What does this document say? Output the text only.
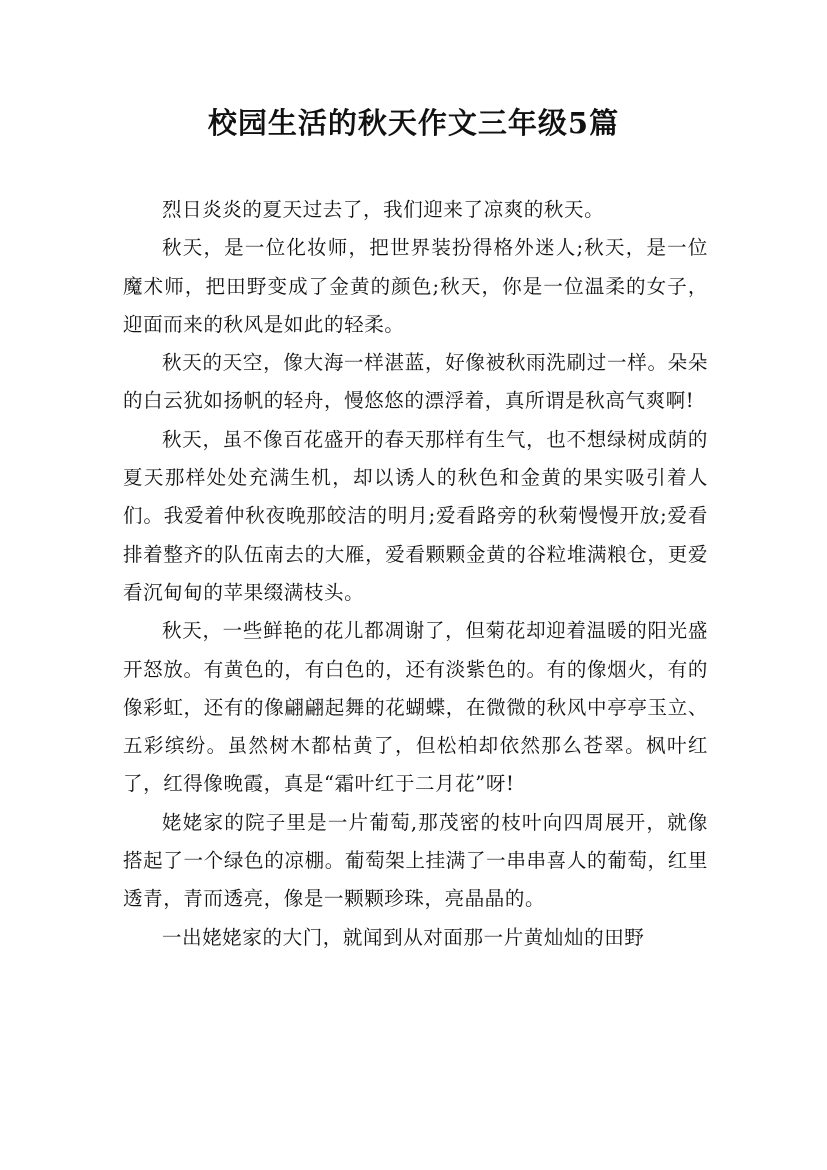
校园生活的秋天作文三年级5篇

烈日炎炎的夏天过去了，我们迎来了凉爽的秋天。

秋天，是一位化妆师，把世界装扮得格外迷人;秋天，是一位魔术师，把田野变成了金黄的颜色;秋天，你是一位温柔的女子，迎面而来的秋风是如此的轻柔。

秋天的天空，像大海一样湛蓝，好像被秋雨洗刷过一样。朵朵的白云犹如扬帆的轻舟，慢悠悠的漂浮着，真所谓是秋高气爽啊!

秋天，虽不像百花盛开的春天那样有生气，也不想绿树成荫的夏天那样处处充满生机，却以诱人的秋色和金黄的果实吸引着人们。我爱着仲秋夜晚那皎洁的明月;爱看路旁的秋菊慢慢开放;爱看排着整齐的队伍南去的大雁，爱看颗颗金黄的谷粒堆满粮仓，更爱看沉甸甸的苹果缀满枝头。

秋天，一些鲜艳的花儿都凋谢了，但菊花却迎着温暖的阳光盛开怒放。有黄色的，有白色的，还有淡紫色的。有的像烟火，有的像彩虹，还有的像翩翩起舞的花蝴蝶，在微微的秋风中亭亭玉立、五彩缤纷。虽然树木都枯黄了，但松柏却依然那么苍翠。枫叶红了，红得像晚霞，真是“霜叶红于二月花”呀!

姥姥家的院子里是一片葡萄,那茂密的枝叶向四周展开，就像搭起了一个绿色的凉棚。葡萄架上挂满了一串串喜人的葡萄，红里透青，青而透亮，像是一颗颗珍珠，亮晶晶的。

一出姥姥家的大门，就闻到从对面那一片黄灿灿的田野
